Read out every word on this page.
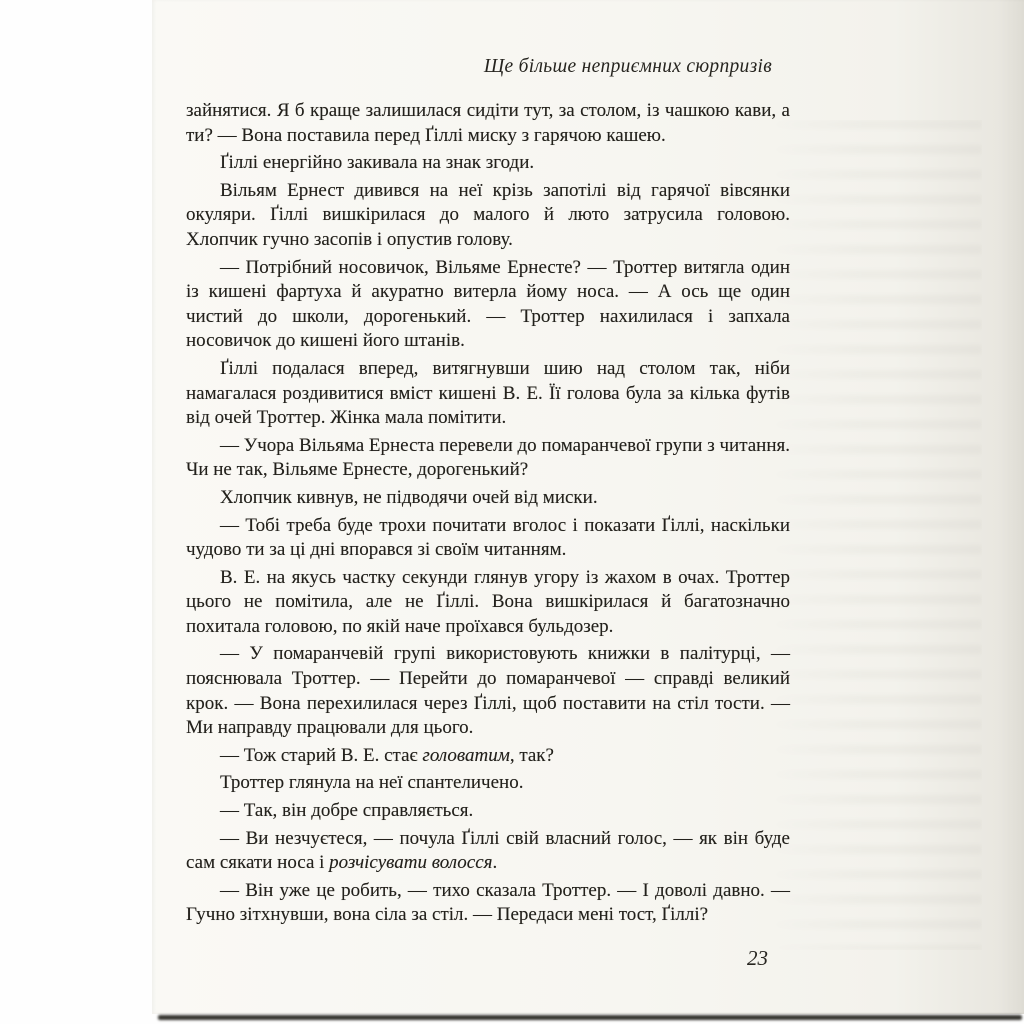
Ще більше неприємних сюрпризів

зайнятися. Я б краще залишилася сидіти тут, за столом, із чашкою кави, а ти? — Вона поставила перед Ґіллі миску з гарячою кашею.

Ґіллі енергійно закивала на знак згоди.

Вільям Ернест дивився на неї крізь запотілі від гарячої вівсянки окуляри. Ґіллі вишкірилася до малого й люто затрусила головою. Хлопчик гучно засопів і опустив голову.

— Потрібний носовичок, Вільяме Ернесте? — Троттер витягла один із кишені фартуха й акуратно витерла йому носа. — А ось ще один чистий до школи, дорогенький. — Троттер нахилилася і запхала носовичок до кишені його штанів.

Ґіллі подалася вперед, витягнувши шию над столом так, ніби намагалася роздивитися вміст кишені В. Е. Її голова була за кілька футів від очей Троттер. Жінка мала помітити.

— Учора Вільяма Ернеста перевели до помаранчевої групи з читання. Чи не так, Вільяме Ернесте, дорогенький?

Хлопчик кивнув, не підводячи очей від миски.

— Тобі треба буде трохи почитати вголос і показати Ґіллі, наскільки чудово ти за ці дні впорався зі своїм читанням.

В. Е. на якусь частку секунди глянув угору із жахом в очах. Троттер цього не помітила, але не Ґіллі. Вона вишкірилася й багатозначно похитала головою, по якій наче проїхався бульдозер.

— У помаранчевій групі використовують книжки в палітурці, — пояснювала Троттер. — Перейти до помаранчевої — справді великий крок. — Вона перехилилася через Ґіллі, щоб поставити на стіл тости. — Ми направду працювали для цього.

— Тож старий В. Е. стає головатим, так?

Троттер глянула на неї спантеличено.

— Так, він добре справляється.

— Ви незчуєтеся, — почула Ґіллі свій власний голос, — як він буде сам сякати носа і розчісувати волосся.

— Він уже це робить, — тихо сказала Троттер. — І доволі давно. — Гучно зітхнувши, вона сіла за стіл. — Передаси мені тост, Ґіллі?

23
